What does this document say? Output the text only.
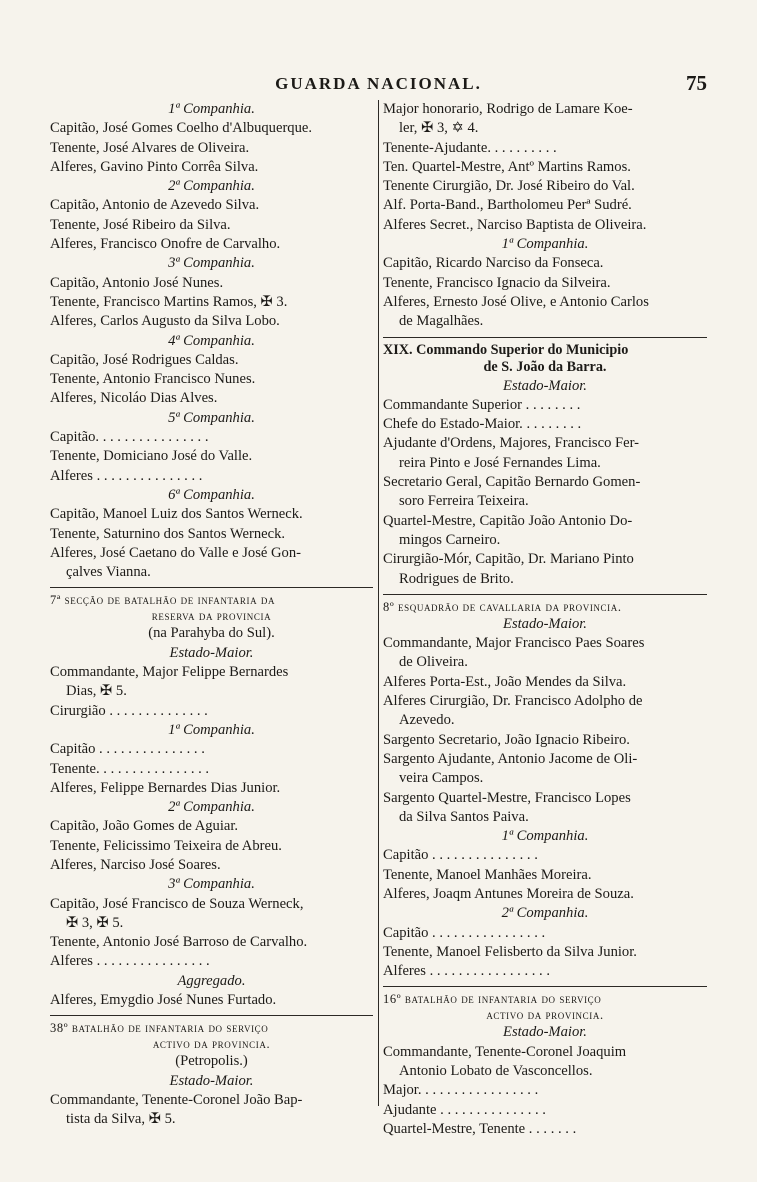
GUARDA NACIONAL.	75
1ª Companhia.
Capitão, José Gomes Coelho d'Albuquerque.
Tenente, José Alvares de Oliveira.
Alferes, Gavino Pinto Corrêa Silva.
2ª Companhia.
Capitão, Antonio de Azevedo Silva.
Tenente, José Ribeiro da Silva.
Alferes, Francisco Onofre de Carvalho.
3ª Companhia.
Capitão, Antonio José Nunes.
Tenente, Francisco Martins Ramos, ✠ 3.
Alferes, Carlos Augusto da Silva Lobo.
4ª Companhia.
Capitão, José Rodrigues Caldas.
Tenente, Antonio Francisco Nunes.
Alferes, Nicoláo Dias Alves.
5ª Companhia.
Capitão. . . . . . . . . . . . . . . .
Tenente, Domiciano José do Valle.
Alferes . . . . . . . . . . . . . . .
6ª Companhia.
Capitão, Manoel Luiz dos Santos Werneck.
Tenente, Saturnino dos Santos Werneck.
Alferes, José Caetano do Valle e José Gon-
çalves Vianna.
7ª secção de batalhão de infantaria da
reserva da provincia
(na Parahyba do Sul).
Estado-Maior.
Commandante, Major Felippe Bernardes
Dias, ✠ 5.
Cirurgião . . . . . . . . . . . . . .
1ª Companhia.
Capitão . . . . . . . . . . . . . . .
Tenente. . . . . . . . . . . . . . . .
Alferes, Felippe Bernardes Dias Junior.
2ª Companhia.
Capitão, João Gomes de Aguiar.
Tenente, Felicissimo Teixeira de Abreu.
Alferes, Narciso José Soares.
3ª Companhia.
Capitão, José Francisco de Souza Werneck,
✠ 3, ✠ 5.
Tenente, Antonio José Barroso de Carvalho.
Alferes . . . . . . . . . . . . . . . .
Aggregado.
Alferes, Emygdio José Nunes Furtado.
38º batalhão de infantaria do serviço
activo da provincia.
(Petropolis.)
Estado-Maior.
Commandante, Tenente-Coronel João Bap-
tista da Silva, ✠ 5.
Major honorario, Rodrigo de Lamare Koe-
ler, ✠ 3, ✡ 4.
Tenente-Ajudante. . . . . . . . . .
Ten. Quartel-Mestre, Antº Martins Ramos.
Tenente Cirurgião, Dr. José Ribeiro do Val.
Alf. Porta-Band., Bartholomeu Perª Sudré.
Alferes Secret., Narciso Baptista de Oliveira.
1ª Companhia.
Capitão, Ricardo Narciso da Fonseca.
Tenente, Francisco Ignacio da Silveira.
Alferes, Ernesto José Olive, e Antonio Carlos
de Magalhães.
XIX. Commando Superior do Municipio
de S. João da Barra.
Estado-Maior.
Commandante Superior . . . . . . . .
Chefe do Estado-Maior. . . . . . . . .
Ajudante d'Ordens, Majores, Francisco Fer-
reira Pinto e José Fernandes Lima.
Secretario Geral, Capitão Bernardo Gomen-
soro Ferreira Teixeira.
Quartel-Mestre, Capitão João Antonio Do-
mingos Carneiro.
Cirurgião-Mór, Capitão, Dr. Mariano Pinto
Rodrigues de Brito.
8º esquadrão de cavallaria da provincia.
Estado-Maior.
Commandante, Major Francisco Paes Soares
de Oliveira.
Alferes Porta-Est., João Mendes da Silva.
Alferes Cirurgião, Dr. Francisco Adolpho de
Azevedo.
Sargento Secretario, João Ignacio Ribeiro.
Sargento Ajudante, Antonio Jacome de Oli-
veira Campos.
Sargento Quartel-Mestre, Francisco Lopes
da Silva Santos Paiva.
1ª Companhia.
Capitão . . . . . . . . . . . . . . .
Tenente, Manoel Manhães Moreira.
Alferes, Joaqm Antunes Moreira de Souza.
2ª Companhia.
Capitão . . . . . . . . . . . . . . . .
Tenente, Manoel Felisberto da Silva Junior.
Alferes . . . . . . . . . . . . . . . . .
16º batalhão de infantaria do serviço
activo da provincia.
Estado-Maior.
Commandante, Tenente-Coronel Joaquim
Antonio Lobato de Vasconcellos.
Major. . . . . . . . . . . . . . . . .
Ajudante . . . . . . . . . . . . . . .
Quartel-Mestre, Tenente . . . . . . .
